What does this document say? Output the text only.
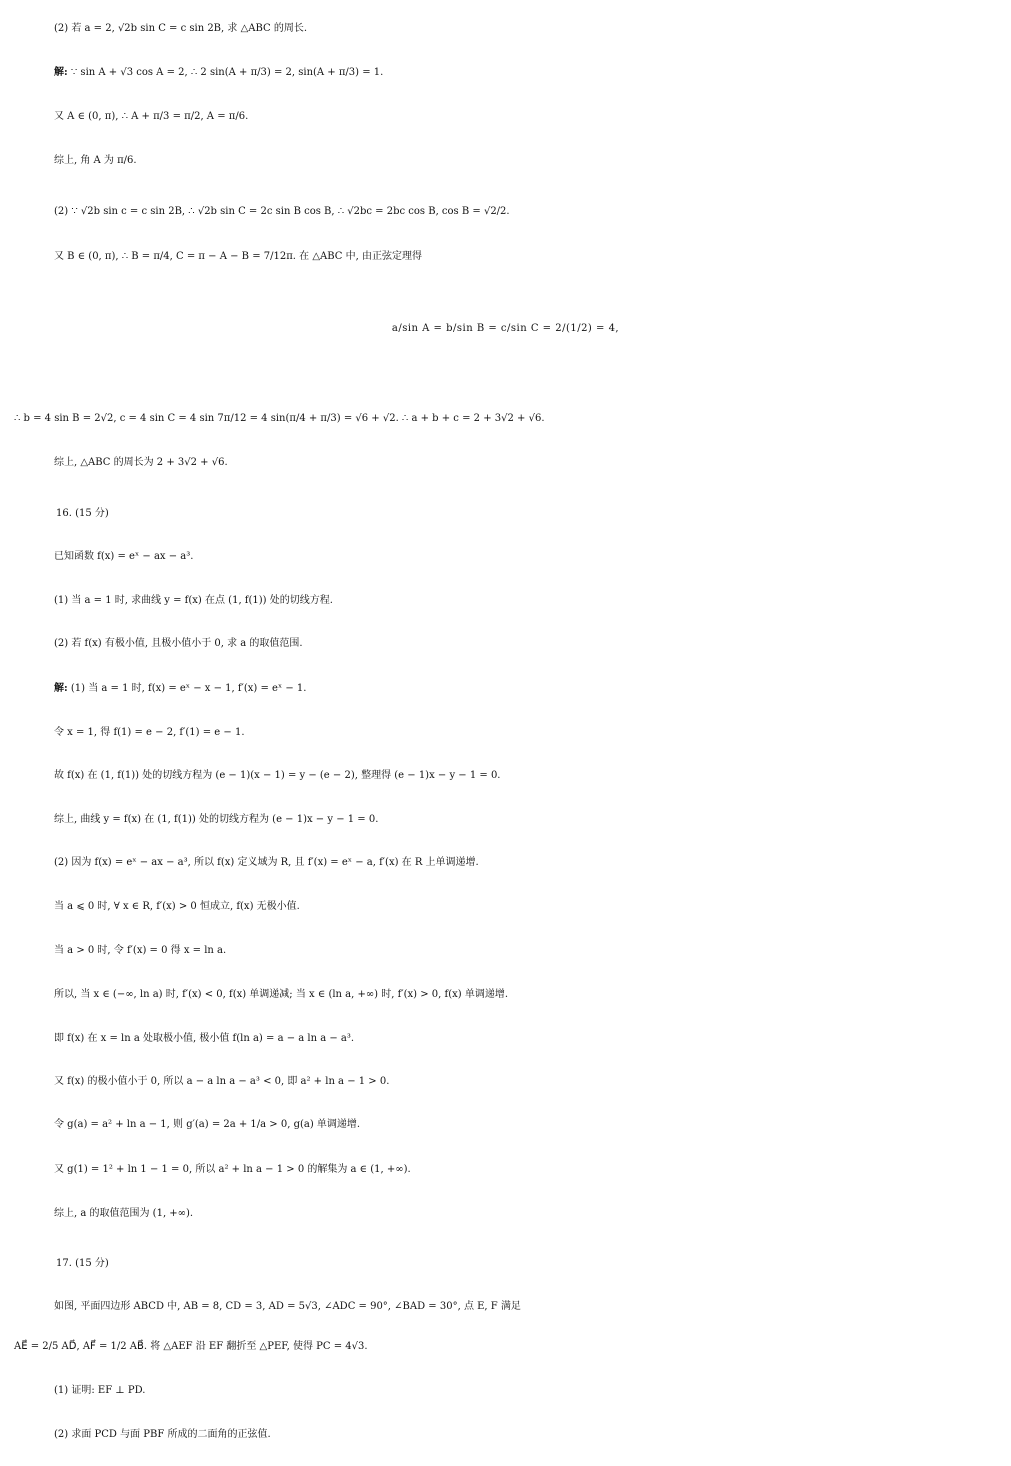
(2) 若 a = 2, √2b sin C = c sin 2B, 求 △ABC 的周长.
解: ∵ sin A + √3 cos A = 2, ∴ 2 sin(A + π/3) = 2, sin(A + π/3) = 1.
又 A ∈ (0, π), ∴ A + π/3 = π/2, A = π/6.
综上, 角 A 为 π/6.
(2) ∵ √2b sin c = c sin 2B, ∴ √2b sin C = 2c sin B cos B, ∴ √2bc = 2bc cos B, cos B = √2/2.
又 B ∈ (0, π), ∴ B = π/4, C = π − A − B = 7/12π. 在 △ABC 中, 由正弦定理得
a/sin A = b/sin B = c/sin C = 2/(1/2) = 4,
∴ b = 4 sin B = 2√2, c = 4 sin C = 4 sin 7π/12 = 4 sin(π/4 + π/3) = √6 + √2. ∴ a + b + c = 2 + 3√2 + √6.
综上, △ABC 的周长为 2 + 3√2 + √6.
16. (15 分)
已知函数 f(x) = eˣ − ax − a³.
(1) 当 a = 1 时, 求曲线 y = f(x) 在点 (1, f(1)) 处的切线方程.
(2) 若 f(x) 有极小值, 且极小值小于 0, 求 a 的取值范围.
解: (1) 当 a = 1 时, f(x) = eˣ − x − 1, f′(x) = eˣ − 1.
令 x = 1, 得 f(1) = e − 2, f′(1) = e − 1.
故 f(x) 在 (1, f(1)) 处的切线方程为 (e − 1)(x − 1) = y − (e − 2), 整理得 (e − 1)x − y − 1 = 0.
综上, 曲线 y = f(x) 在 (1, f(1)) 处的切线方程为 (e − 1)x − y − 1 = 0.
(2) 因为 f(x) = eˣ − ax − a³, 所以 f(x) 定义域为 R, 且 f′(x) = eˣ − a, f′(x) 在 R 上单调递增.
当 a ⩽ 0 时, ∀ x ∈ R, f′(x) > 0 恒成立, f(x) 无极小值.
当 a > 0 时, 令 f′(x) = 0 得 x = ln a.
所以, 当 x ∈ (−∞, ln a) 时, f′(x) < 0, f(x) 单调递减; 当 x ∈ (ln a, +∞) 时, f′(x) > 0, f(x) 单调递增.
即 f(x) 在 x = ln a 处取极小值, 极小值 f(ln a) = a − a ln a − a³.
又 f(x) 的极小值小于 0, 所以 a − a ln a − a³ < 0, 即 a² + ln a − 1 > 0.
令 g(a) = a² + ln a − 1, 则 g′(a) = 2a + 1/a > 0, g(a) 单调递增.
又 g(1) = 1² + ln 1 − 1 = 0, 所以 a² + ln a − 1 > 0 的解集为 a ∈ (1, +∞).
综上, a 的取值范围为 (1, +∞).
17. (15 分)
如图, 平面四边形 ABCD 中, AB = 8, CD = 3, AD = 5√3, ∠ADC = 90°, ∠BAD = 30°, 点 E, F 满足
AE⃗ = 2/5 AD⃗, AF⃗ = 1/2 AB⃗. 将 △AEF 沿 EF 翻折至 △PEF, 使得 PC = 4√3.
(1) 证明: EF ⊥ PD.
(2) 求面 PCD 与面 PBF 所成的二面角的正弦值.
